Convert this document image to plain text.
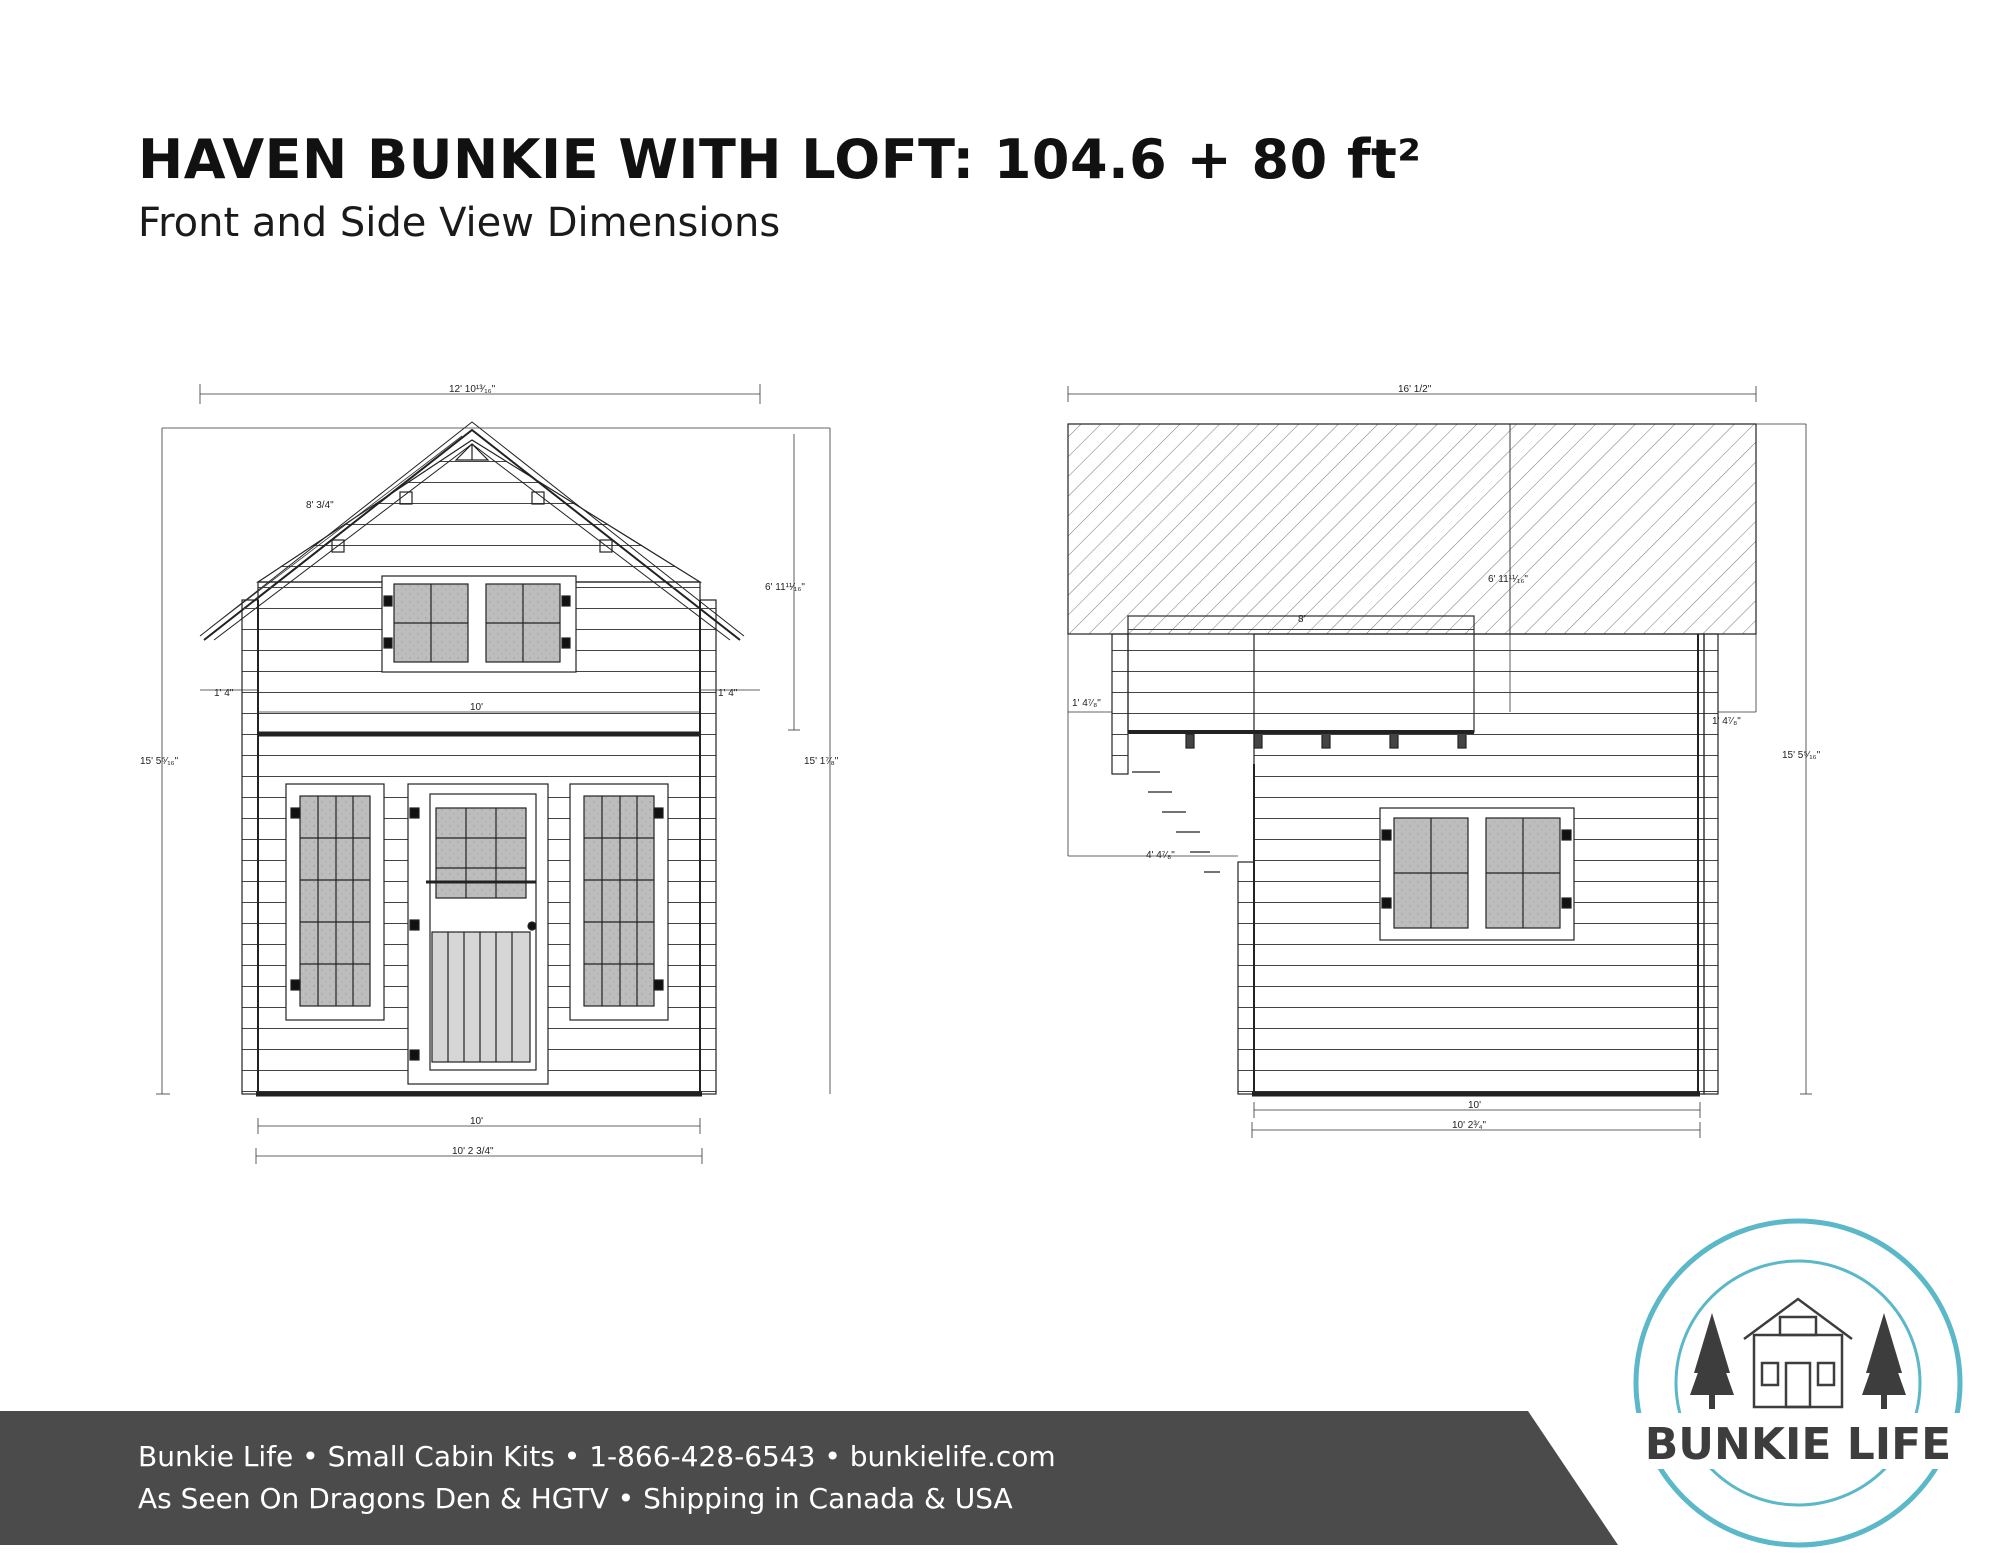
HAVEN BUNKIE WITH LOFT: 104.6 + 80 ft²
Front and Side View Dimensions
12' 10¹³⁄₁₆"
8' 3/4"
6' 11¹¹⁄₁₆"
1' 4"	1' 4"
10'
15' 5⁵⁄₁₆"	15' 1⁷⁄₈"
10'
10' 2 3/4"
16' 1/2"
6' 11¹¹⁄₁₆"
8'
1' 4⁷⁄₈"
1' 4⁷⁄₈"
15' 5⁵⁄₁₆"
4' 4⁷⁄₈"
10'
10' 2³⁄₄"
Bunkie Life • Small Cabin Kits • 1-866-428-6543 • bunkielife.com
As Seen On Dragons Den & HGTV • Shipping in Canada & USA
BUNKIE LIFE
